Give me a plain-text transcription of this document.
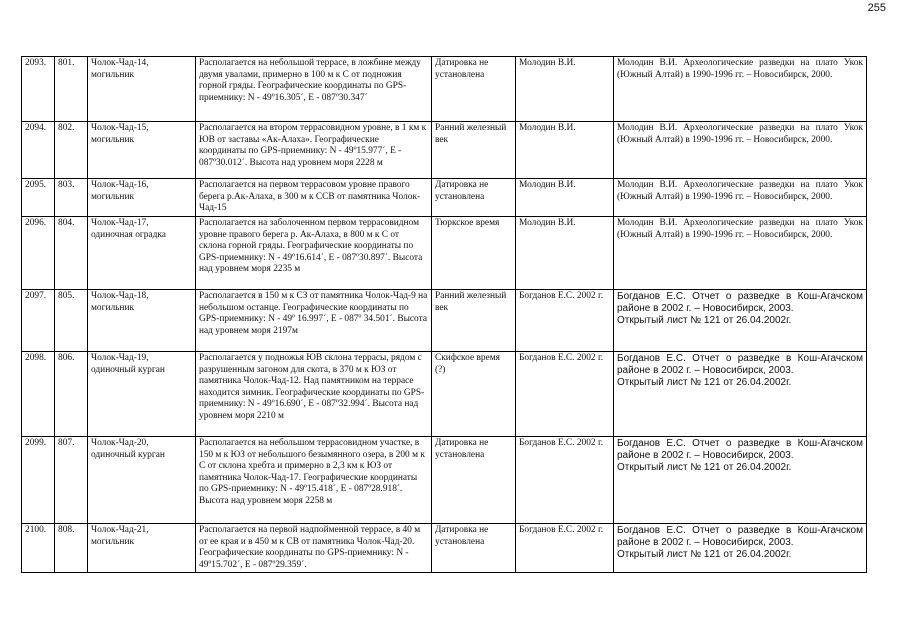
255
2093.	801.	Чолок-Чад-14, могильник	Располагается на небольшой террасе, в ложбине между двумя увалами, примерно в 100 м к С от подножия горной гряды. Географические координаты по GPS-приемнику: N - 49º16.305´, E - 087º30.347´	Датировка не установлена	Молодин В.И.	Молодин В.И. Археологические разведки на плато Укок (Южный Алтай) в 1990-1996 гг. – Новосибирск, 2000.

2094.	802.	Чолок-Чад-15, могильник	Располагается на втором террасовидном уровне, в 1 км к ЮВ от заставы «Ак-Алаха». Географические координаты по GPS-приемнику: N - 49º15.977´, E - 087º30.012´. Высота над уровнем моря 2228 м	Ранний железный век	Молодин В.И.	Молодин В.И. Археологические разведки на плато Укок (Южный Алтай) в 1990-1996 гг. – Новосибирск, 2000.

2095.	803.	Чолок-Чад-16, могильник	Располагается на первом террасовом уровне правого берега р.Ак-Алаха, в 300 м к ССВ от памятника Чолок-Чад-15	Датировка не установлена	Молодин В.И.	Молодин В.И. Археологические разведки на плато Укок (Южный Алтай) в 1990-1996 гг. – Новосибирск, 2000.

2096.	804.	Чолок-Чад-17, одиночная оградка	Располагается на заболоченном первом террасовидном уровне правого берега р. Ак-Алаха, в 800 м к С от склона горной гряды. Географические координаты по GPS-приемнику: N - 49º16.614´, E - 087º30.897´. Высота над уровнем моря 2235 м	Тюркское время	Молодин В.И.	Молодин В.И. Археологические разведки на плато Укок (Южный Алтай) в 1990-1996 гг. – Новосибирск, 2000.

2097.	805.	Чолок-Чад-18, могильник	Располагается в 150 м к СЗ от памятника Чолок-Чад-9 на небольшом останце. Географические координаты по GPS-приемнику: N - 49º 16.997´, E - 087º 34.501´. Высота над уровнем моря 2197м	Ранний железный век	Богданов Е.С. 2002 г.	Богданов Е.С. Отчет о разведке в Кош-Агачском районе в 2002 г. – Новосибирск, 2003.
Открытый лист № 121 от 26.04.2002г.

2098.	806.	Чолок-Чад-19, одиночный курган	Располагается у подножья ЮВ склона террасы, рядом с разрушенным загоном для скота, в 370 м к ЮЗ от памятника Чолок-Чад-12. Над памятником на террасе находится зимник. Географические координаты по GPS-приемнику: N - 49º16.690´, E - 087º32.994´. Высота над уровнем моря 2210 м	Скифское время (?)	Богданов Е.С. 2002 г.	Богданов Е.С. Отчет о разведке в Кош-Агачском районе в 2002 г. – Новосибирск, 2003.
Открытый лист № 121 от 26.04.2002г.

2099.	807.	Чолок-Чад-20, одиночный курган	Располагается на небольшом террасовидном участке, в 150 м к ЮЗ от небольшого безымянного озера, в 200 м к С от склона хребта и примерно в 2,3 км к ЮЗ от памятника Чолок-Чад-17. Географические координаты по GPS-приемнику: N - 49º15.418´, E - 087º28.918´. Высота над уровнем моря 2258 м	Датировка не установлена	Богданов Е.С. 2002 г.	Богданов Е.С. Отчет о разведке в Кош-Агачском районе в 2002 г. – Новосибирск, 2003.
Открытый лист № 121 от 26.04.2002г.

2100.	808.	Чолок-Чад-21, могильник	Располагается на первой надпойменной террасе, в 40 м от ее края и в 450 м к СВ от памятника Чолок-Чад-20. Географические координаты по GPS-приемнику: N - 49º15.702´, E - 087º29.359´.	Датировка не установлена	Богданов Е.С. 2002 г.	Богданов Е.С. Отчет о разведке в Кош-Агачском районе в 2002 г. – Новосибирск, 2003.
Открытый лист № 121 от 26.04.2002г.
